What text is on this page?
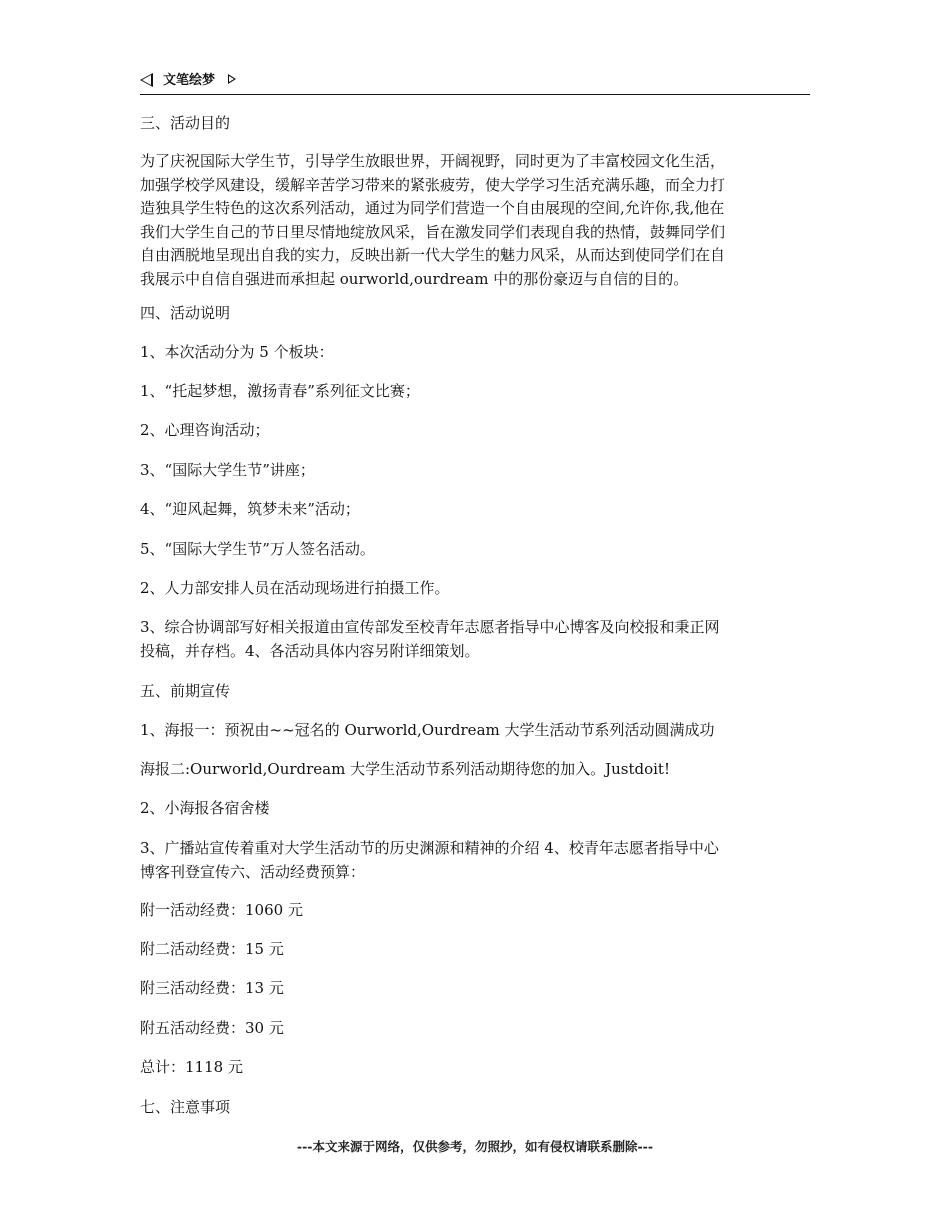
文笔绘梦
三、活动目的
为了庆祝国际大学生节，引导学生放眼世界，开阔视野，同时更为了丰富校园文化生活，
加强学校学风建设，缓解辛苦学习带来的紧张疲劳，使大学学习生活充满乐趣，而全力打
造独具学生特色的这次系列活动，通过为同学们营造一个自由展现的空间,允许你,我,他在
我们大学生自己的节日里尽情地绽放风采，旨在激发同学们表现自我的热情，鼓舞同学们
自由洒脱地呈现出自我的实力，反映出新一代大学生的魅力风采，从而达到使同学们在自
我展示中自信自强进而承担起 ourworld,ourdream 中的那份豪迈与自信的目的。
四、活动说明
1、本次活动分为 5 个板块：
1、“托起梦想，激扬青春”系列征文比赛；
2、心理咨询活动；
3、“国际大学生节”讲座；
4、“迎风起舞，筑梦未来”活动；
5、“国际大学生节”万人签名活动。
2、人力部安排人员在活动现场进行拍摄工作。
3、综合协调部写好相关报道由宣传部发至校青年志愿者指导中心博客及向校报和秉正网
投稿，并存档。4、各活动具体内容另附详细策划。
五、前期宣传
1、海报一：预祝由~~冠名的 Ourworld,Ourdream 大学生活动节系列活动圆满成功
海报二:Ourworld,Ourdream 大学生活动节系列活动期待您的加入。Justdoit!
2、小海报各宿舍楼
3、广播站宣传着重对大学生活动节的历史渊源和精神的介绍 4、校青年志愿者指导中心
博客刊登宣传六、活动经费预算：
附一活动经费：1060 元
附二活动经费：15 元
附三活动经费：13 元
附五活动经费：30 元
总计：1118 元
七、注意事项
---本文来源于网络，仅供参考，勿照抄，如有侵权请联系删除---
